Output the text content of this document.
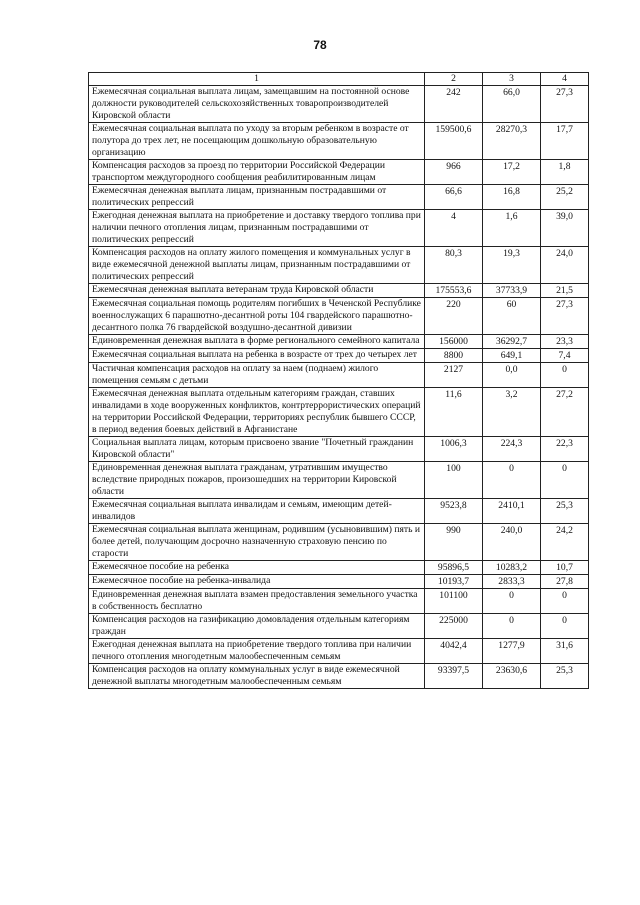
78
1	2	3	4
Ежемесячная социальная выплата лицам, замещавшим на постоянной основе должности руководителей сельскохозяйственных товаропроизводителей Кировской области	242	66,0	27,3
Ежемесячная социальная выплата по уходу за вторым ребенком в возрасте от полутора до трех лет, не посещающим дошкольную образовательную организацию	159500,6	28270,3	17,7
Компенсация расходов за проезд по территории Российской Федерации транспортом междугородного сообщения реабилитированным лицам	966	17,2	1,8
Ежемесячная денежная выплата лицам, признанным пострадавшими от политических репрессий	66,6	16,8	25,2
Ежегодная денежная выплата на приобретение и доставку твердого топлива при наличии печного отопления лицам, признанным пострадавшими от политических репрессий	4	1,6	39,0
Компенсация расходов на оплату жилого помещения и коммунальных услуг в виде ежемесячной денежной выплаты лицам, признанным пострадавшими от политических репрессий	80,3	19,3	24,0
Ежемесячная денежная выплата ветеранам труда Кировской области	175553,6	37733,9	21,5
Ежемесячная социальная помощь родителям погибших в Чеченской Республике военнослужащих 6 парашютно-десантной роты 104 гвардейского парашютно-десантного полка 76 гвардейской воздушно-десантной дивизии	220	60	27,3
Единовременная денежная выплата в форме регионального семейного капитала	156000	36292,7	23,3
Ежемесячная социальная выплата на ребенка в возрасте от трех до четырех лет	8800	649,1	7,4
Частичная компенсация расходов на оплату за наем (поднаем) жилого помещения семьям с детьми	2127	0,0	0
Ежемесячная денежная выплата отдельным категориям граждан, ставших инвалидами в ходе вооруженных конфликтов, контртеррористических операций на территории Российской Федерации, территориях республик бывшего СССР, в период ведения боевых действий в Афганистане	11,6	3,2	27,2
Социальная выплата лицам, которым присвоено звание "Почетный гражданин Кировской области"	1006,3	224,3	22,3
Единовременная денежная выплата гражданам, утратившим имущество вследствие природных пожаров, произошедших на территории Кировской области	100	0	0
Ежемесячная социальная выплата инвалидам и семьям, имеющим детей-инвалидов	9523,8	2410,1	25,3
Ежемесячная социальная выплата женщинам, родившим (усыновившим) пять и более детей, получающим досрочно назначенную страховую пенсию по старости	990	240,0	24,2
Ежемесячное пособие на ребенка	95896,5	10283,2	10,7
Ежемесячное пособие на ребенка-инвалида	10193,7	2833,3	27,8
Единовременная денежная выплата взамен предоставления земельного участка в собственность бесплатно	101100	0	0
Компенсация расходов на газификацию домовладения отдельным категориям граждан	225000	0	0
Ежегодная денежная выплата на приобретение твердого топлива при наличии печного отопления многодетным малообеспеченным семьям	4042,4	1277,9	31,6
Компенсация расходов на оплату коммунальных услуг в виде ежемесячной денежной выплаты многодетным малообеспеченным семьям	93397,5	23630,6	25,3
